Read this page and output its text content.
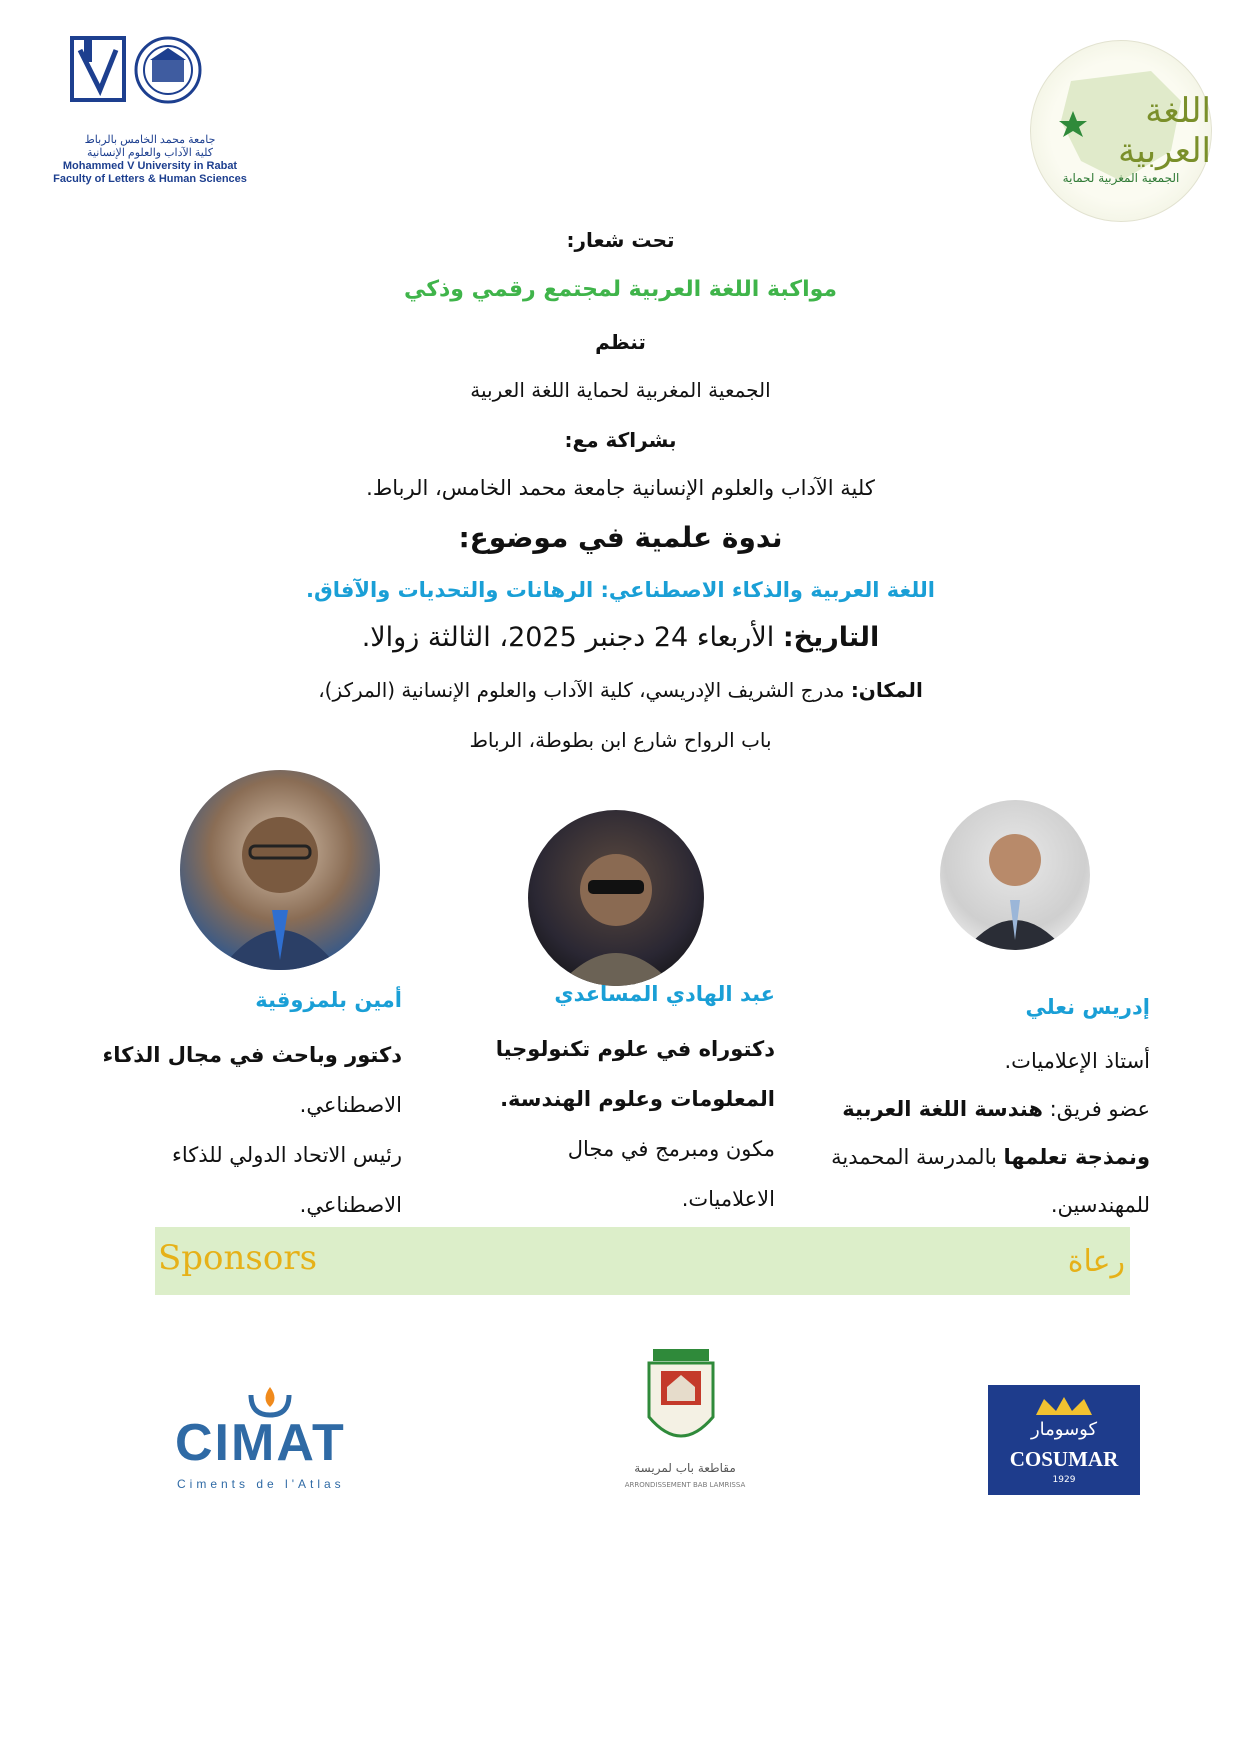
جامعة محمد الخامس بالرباط
كلية الآداب والعلوم الإنسانية
Mohammed V University in Rabat
Faculty of Letters & Human Sciences
اللغة العربية
الجمعية المغربية لحماية
تحت شعار:
مواكبة اللغة العربية لمجتمع رقمي وذكي
تنظم
الجمعية المغربية لحماية اللغة العربية
بشراكة مع:
كلية الآداب والعلوم الإنسانية جامعة محمد الخامس، الرباط.
ندوة علمية في موضوع:
اللغة العربية والذكاء الاصطناعي: الرهانات والتحديات والآفاق.
التاريخ: الأربعاء 24 دجنبر 2025، الثالثة زوالا.
المكان: مدرج الشريف الإدريسي، كلية الآداب والعلوم الإنسانية (المركز)،
باب الرواح شارع ابن بطوطة، الرباط

أمين بلمزوقية

دكتور وباحث في مجال الذكاء

الاصطناعي.

رئيس الاتحاد الدولي للذكاء

الاصطناعي.

عبد الهادي المساعدي

دكتوراه في علوم تكنولوجيا

المعلومات وعلوم الهندسة.

مكون ومبرمج في مجال

الاعلاميات.

إدريس نعلي

أستاذ الإعلاميات.

عضو فريق: هندسة اللغة العربية

ونمذجة تعلمها بالمدرسة المحمدية

للمهندسين.

Sponsors	رعاة
CIMAT
Ciments de l'Atlas
مقاطعة باب لمريسة
ARRONDISSEMENT BAB LAMRISSA
كوسومار
COSUMAR
1929
